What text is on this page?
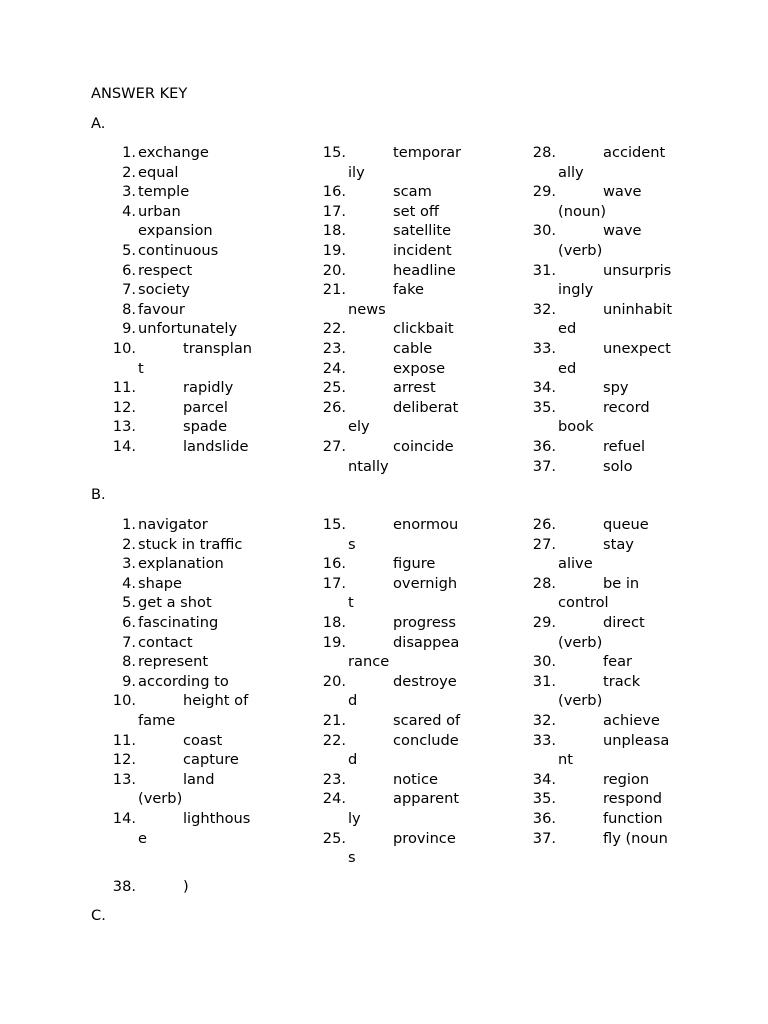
ANSWER KEY
A.
B.
C.
1. exchange
2. equal
3. temple
4. urban
expansion
5. continuous
6. respect
7. society
8. favour
9. unfortunately
10.	transplan
t
11.	rapidly
12.	parcel
13.	spade
14.	landslide
15.	temporar
ily
16.	scam
17.	set off
18.	satellite
19.	incident
20.	headline
21.	fake
news
22.	clickbait
23.	cable
24.	expose
25.	arrest
26.	deliberat
ely
27.	coincide
ntally
28.	accident
ally
29.	wave
(noun)
30.	wave
(verb)
31.	unsurpris
ingly
32.	uninhabit
ed
33.	unexpect
ed
34.	spy
35.	record
book
36.	refuel
37.	solo
1. navigator
2. stuck in traffic
3. explanation
4. shape
5. get a shot
6. fascinating
7. contact
8. represent
9. according to
10.	height of
fame
11.	coast
12.	capture
13.	land
(verb)
14.	lighthous
e
15.	enormou
s
16.	figure
17.	overnigh
t
18.	progress
19.	disappea
rance
20.	destroye
d
21.	scared of
22.	conclude
d
23.	notice
24.	apparent
ly
25.	province
s
26.	queue
27.	stay
alive
28.	be in
control
29.	direct
(verb)
30.	fear
31.	track
(verb)
32.	achieve
33.	unpleasa
nt
34.	region
35.	respond
36.	function
37.	fly (noun
38.	)
